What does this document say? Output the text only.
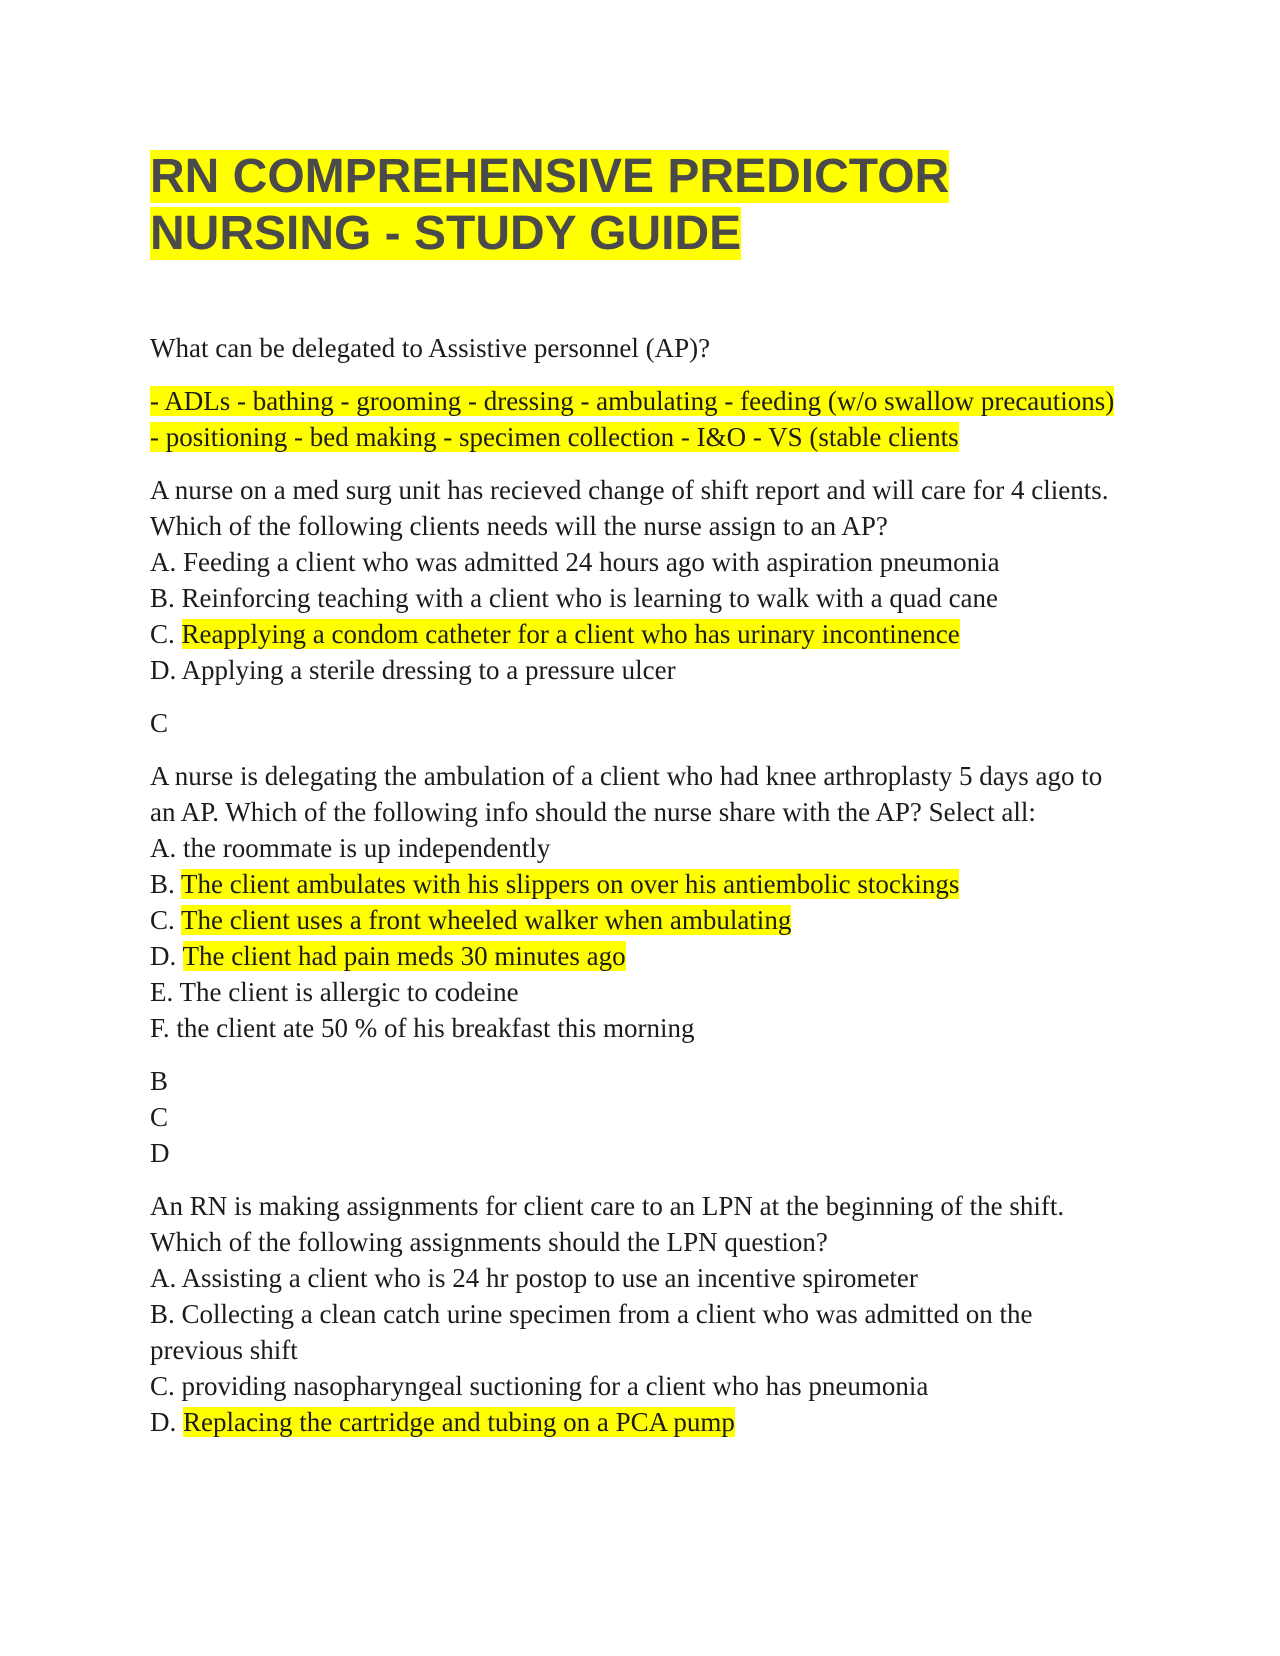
RN COMPREHENSIVE PREDICTOR
NURSING - STUDY GUIDE

What can be delegated to Assistive personnel (AP)?

- ADLs - bathing - grooming - dressing - ambulating - feeding (w/o swallow precautions) - positioning - bed making - specimen collection - I&O - VS (stable clients

A nurse on a med surg unit has recieved change of shift report and will care for 4 clients. Which of the following clients needs will the nurse assign to an AP?

A. Feeding a client who was admitted 24 hours ago with aspiration pneumonia

B. Reinforcing teaching with a client who is learning to walk with a quad cane

C. Reapplying a condom catheter for a client who has urinary incontinence

D. Applying a sterile dressing to a pressure ulcer

C

A nurse is delegating the ambulation of a client who had knee arthroplasty 5 days ago to an AP. Which of the following info should the nurse share with the AP? Select all:

A. the roommate is up independently

B. The client ambulates with his slippers on over his antiembolic stockings

C. The client uses a front wheeled walker when ambulating

D. The client had pain meds 30 minutes ago

E. The client is allergic to codeine

F. the client ate 50 % of his breakfast this morning

B

C

D

An RN is making assignments for client care to an LPN at the beginning of the shift. Which of the following assignments should the LPN question?

A. Assisting a client who is 24 hr postop to use an incentive spirometer

B. Collecting a clean catch urine specimen from a client who was admitted on the previous shift

C. providing nasopharyngeal suctioning for a client who has pneumonia

D. Replacing the cartridge and tubing on a PCA pump
